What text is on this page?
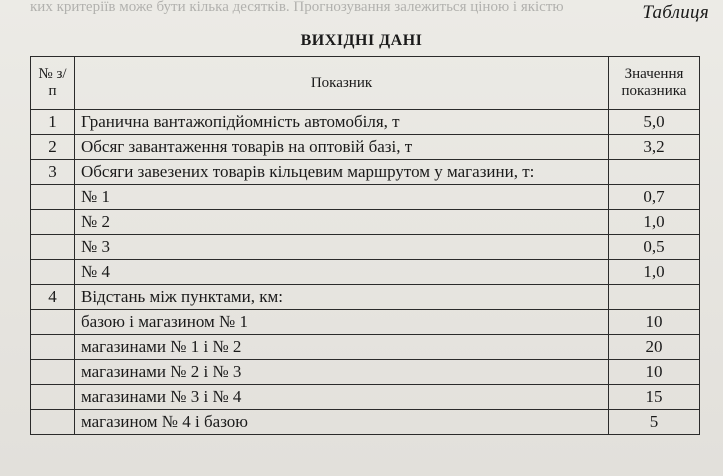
ких критеріїв може бути кілька десятків. Прогнозування залежиться ціною і якістю	Таблиця
ВИХІДНІ ДАНІ
№ з/п	Показник	Значення показника
1	Гранична вантажопідйомність автомобіля, т	5,0
2	Обсяг завантаження товарів на оптовій базі, т	3,2
3	Обсяги завезених товарів кільцевим маршрутом у магазини, т:	
	№ 1	0,7
	№ 2	1,0
	№ 3	0,5
	№ 4	1,0
4	Відстань між пунктами, км:	
	базою і магазином № 1	10
	магазинами № 1 і № 2	20
	магазинами № 2 і № 3	10
	магазинами № 3 і № 4	15
	магазином № 4 і базою	5
